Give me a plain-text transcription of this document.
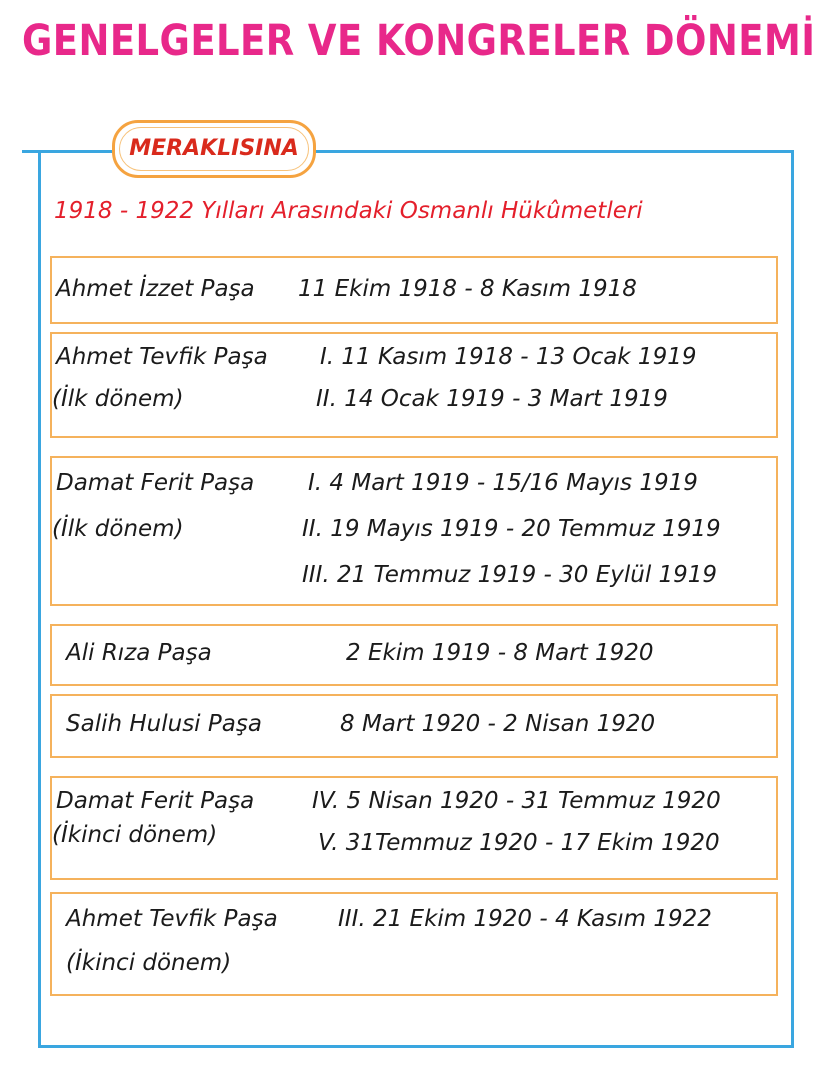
GENELGELER VE KONGRELER DÖNEMİ
MERAKLISINA
1918 - 1922 Yılları Arasındaki Osmanlı Hükûmetleri
Ahmet İzzet Paşa 11 Ekim 1918 - 8 Kasım 1918
Ahmet Tevfik Paşa
(İlk dönem)
I. 11 Kasım 1918 - 13 Ocak 1919
II. 14 Ocak 1919 - 3 Mart 1919
Damat Ferit Paşa
(İlk dönem)
I. 4 Mart 1919 - 15/16 Mayıs 1919
II. 19 Mayıs 1919 - 20 Temmuz 1919
III. 21 Temmuz 1919 - 30 Eylül 1919
Ali Rıza Paşa	2 Ekim 1919 - 8 Mart 1920
Salih Hulusi Paşa	8 Mart 1920 - 2 Nisan 1920
Damat Ferit Paşa
(İkinci dönem)
IV. 5 Nisan 1920 - 31 Temmuz 1920
V. 31Temmuz 1920 - 17 Ekim 1920
Ahmet Tevfik Paşa
(İkinci dönem)
III. 21 Ekim 1920 - 4 Kasım 1922
